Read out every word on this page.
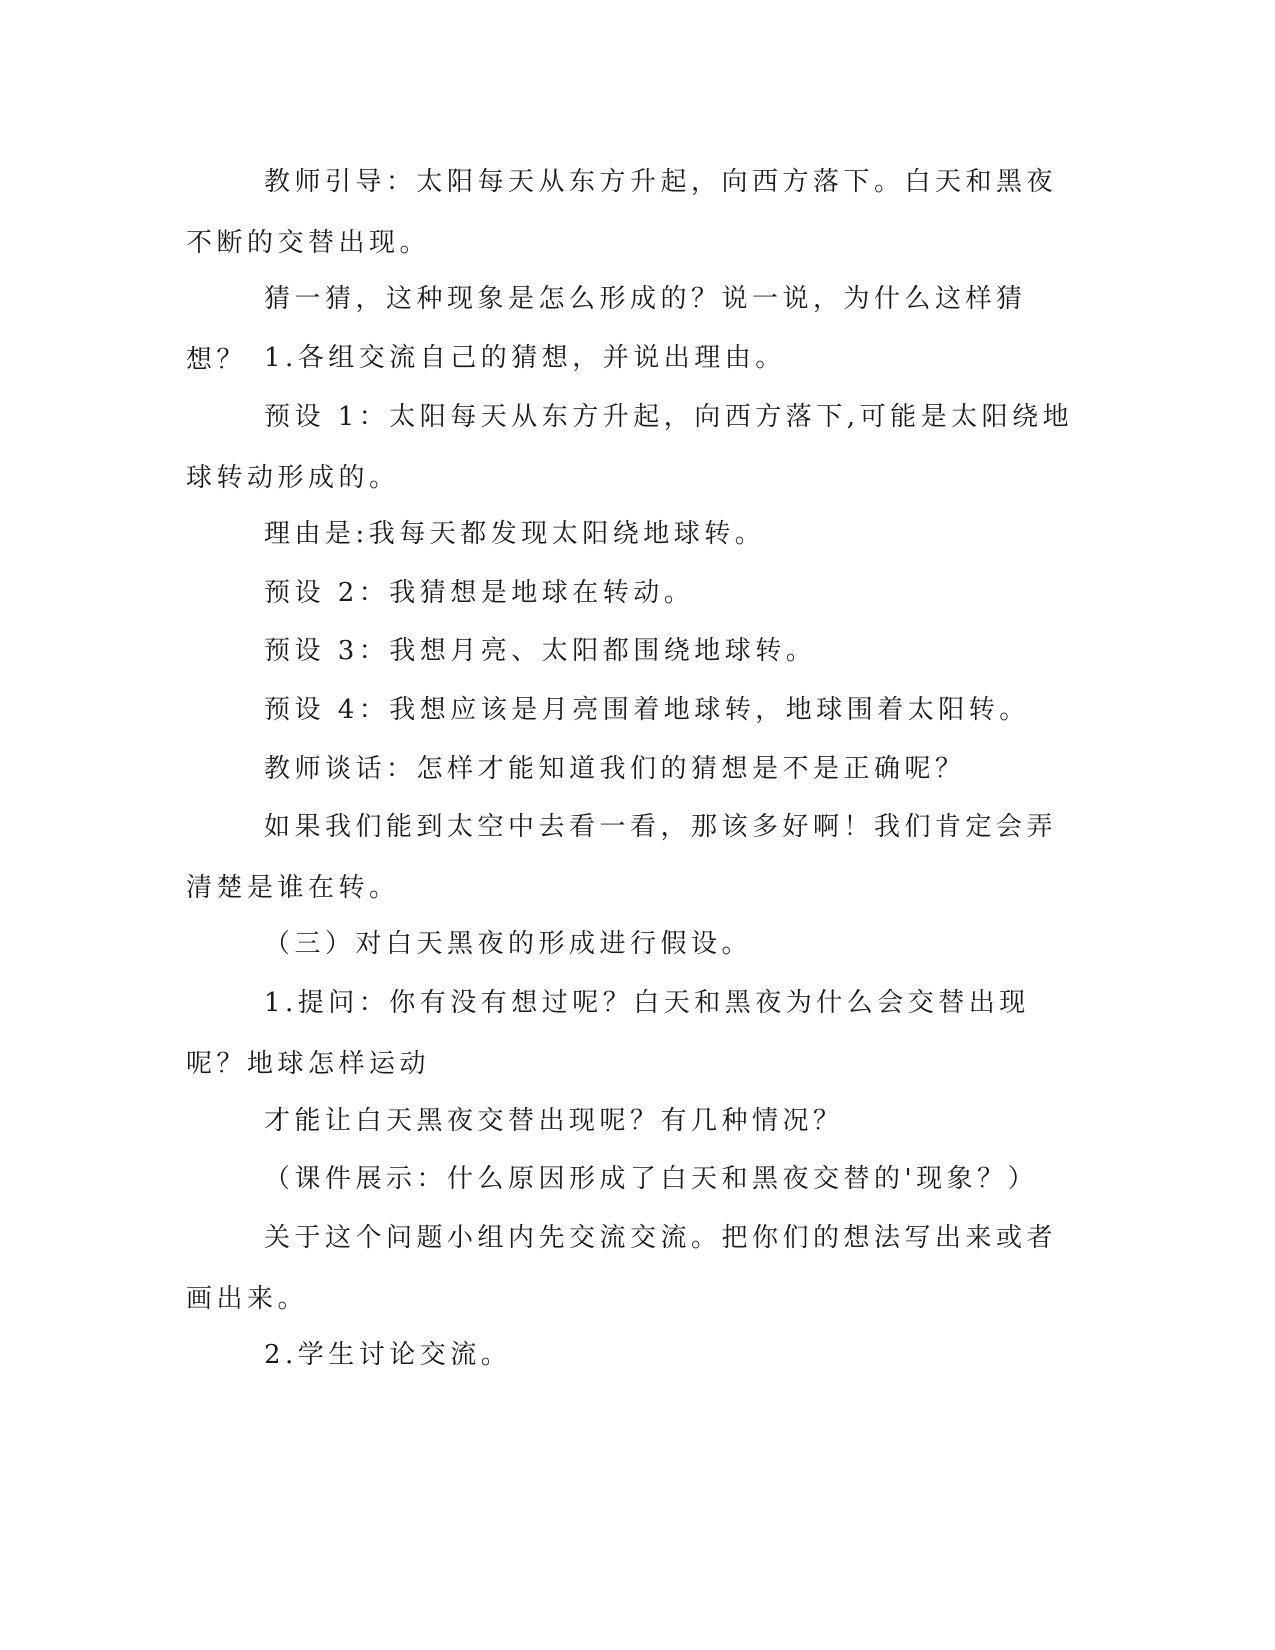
教师引导：太阳每天从东方升起，向西方落下。白天和黑夜不断的交替出现。

猜一猜，这种现象是怎么形成的？说一说，为什么这样猜想？ 1.各组交流自己的猜想，并说出理由。

预设 1：太阳每天从东方升起，向西方落下,可能是太阳绕地球转动形成的。

理由是:我每天都发现太阳绕地球转。

预设 2：我猜想是地球在转动。

预设 3：我想月亮、太阳都围绕地球转。

预设 4：我想应该是月亮围着地球转，地球围着太阳转。

教师谈话：怎样才能知道我们的猜想是不是正确呢？

如果我们能到太空中去看一看，那该多好啊！我们肯定会弄清楚是谁在转。

（三）对白天黑夜的形成进行假设。

1.提问：你有没有想过呢？白天和黑夜为什么会交替出现呢？地球怎样运动

才能让白天黑夜交替出现呢？有几种情况？

（课件展示：什么原因形成了白天和黑夜交替的'现象？）

关于这个问题小组内先交流交流。把你们的想法写出来或者画出来。

2.学生讨论交流。
